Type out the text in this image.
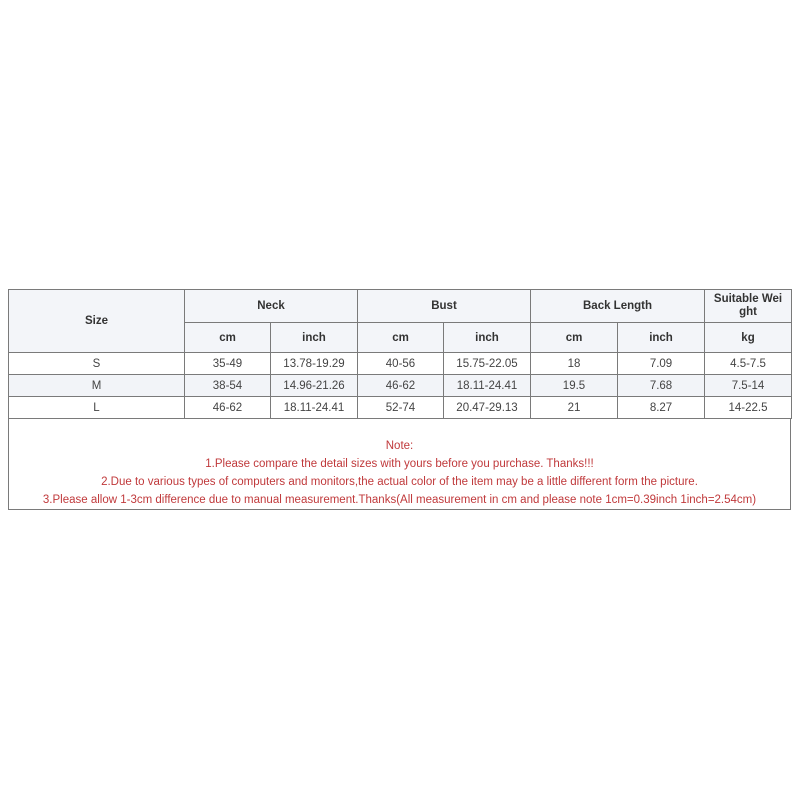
Size	Neck		Bust		Back Length		Suitable Wei
ght
	cm	inch	cm	inch	cm	inch	kg
S	35-49	13.78-19.29	40-56	15.75-22.05	18	7.09	4.5-7.5
M	38-54	14.96-21.26	46-62	18.11-24.41	19.5	7.68	7.5-14
L	46-62	18.11-24.41	52-74	20.47-29.13	21	8.27	14-22.5
Note:
1.Please compare the detail sizes with yours before you purchase. Thanks!!!
2.Due to various types of computers and monitors,the actual color of the item may be a little different form the picture.
3.Please allow 1-3cm difference due to manual measurement.Thanks(All measurement in cm and please note 1cm=0.39inch 1inch=2.54cm)
